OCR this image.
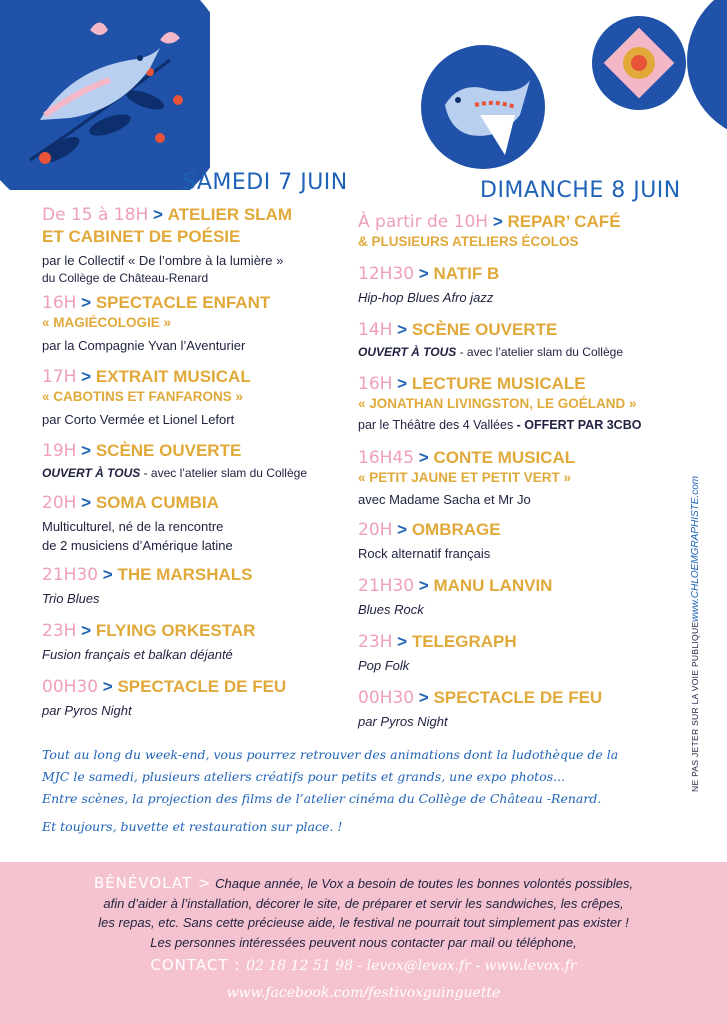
SAMEDI 7 JUIN	DIMANCHE 8 JUIN
De 15 à 18H > ATELIER SLAM
ET CABINET DE POÉSIE
par le Collectif « De l’ombre à la lumière »
du Collège de Château-Renard
16H > SPECTACLE ENFANT
« MAGIÉCOLOGIE »
par la Compagnie Yvan l’Aventurier
17H > EXTRAIT MUSICAL
« CABOTINS ET FANFARONS »
par Corto Vermée et Lionel Lefort
19H > SCÈNE OUVERTE
OUVERT À TOUS - avec l’atelier slam du Collège
20H > SOMA CUMBIA
Multiculturel, né de la rencontre
de 2 musiciens d’Amérique latine
21H30 > THE MARSHALS
Trio Blues
23H > FLYING ORKESTAR
Fusion français et balkan déjanté
00H30 > SPECTACLE DE FEU
par Pyros Night
À partir de 10H > REPAR’ CAFÉ
& PLUSIEURS ATELIERS ÉCOLOS
12H30 > NATIF B
Hip-hop Blues Afro jazz
14H > SCÈNE OUVERTE
OUVERT À TOUS - avec l’atelier slam du Collège
16H > LECTURE MUSICALE
« JONATHAN LIVINGSTON, LE GOÉLAND »
par le Théâtre des 4 Vallées - OFFERT PAR 3CBO
16H45 > CONTE MUSICAL
« PETIT JAUNE ET PETIT VERT »
avec Madame Sacha et Mr Jo
20H > OMBRAGE
Rock alternatif français
21H30 > MANU LANVIN
Blues Rock
23H > TELEGRAPH
Pop Folk
00H30 > SPECTACLE DE FEU
par Pyros Night
www.CHLOEMGRAPHISTE.com
NE PAS JETER SUR LA VOIE PUBLIQUE
Tout au long du week-end, vous pourrez retrouver des animations dont la ludothèque de la
MJC le samedi, plusieurs ateliers créatifs pour petits et grands, une expo photos...
Entre scènes, la projection des films de l’atelier cinéma du Collège de Château -Renard.
Et toujours, buvette et restauration sur place. !
BÉNÉVOLAT > Chaque année, le Vox a besoin de toutes les bonnes volontés possibles,
afin d’aider à l’installation, décorer le site, de préparer et servir les sandwiches, les crêpes,
les repas, etc. Sans cette précieuse aide, le festival ne pourrait tout simplement pas exister !
Les personnes intéressées peuvent nous contacter par mail ou téléphone,
CONTACT : 02 18 12 51 98 - levox@levox.fr - www.levox.fr
www.facebook.com/festivoxguinguette
